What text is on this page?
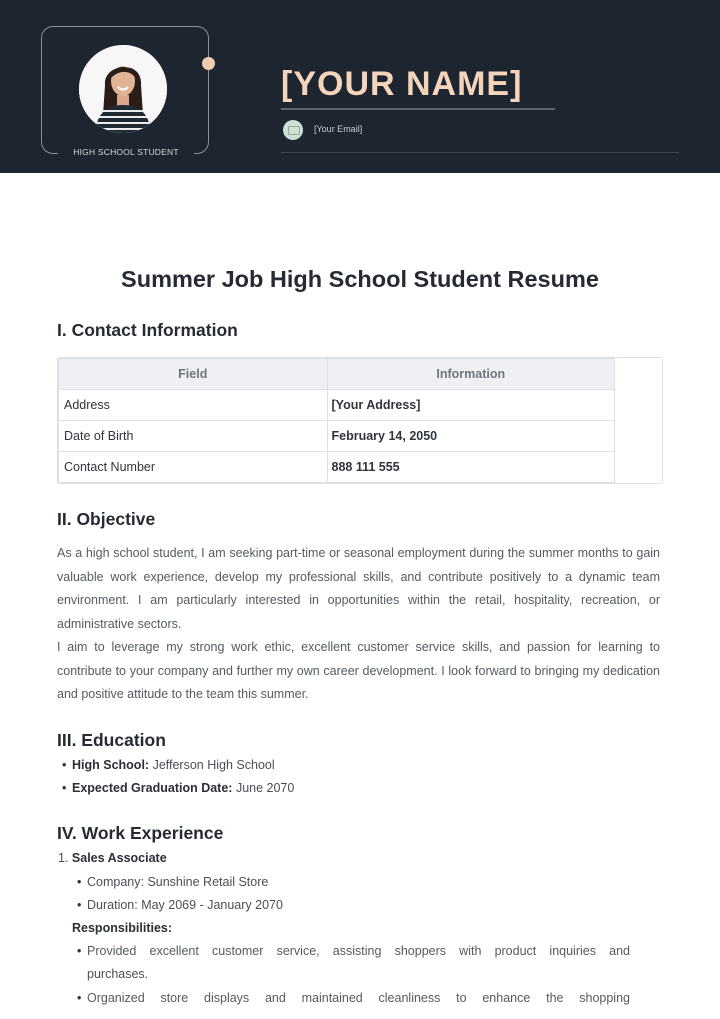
HIGH SCHOOL STUDENT
[YOUR NAME]
[Your Email]
Summer Job High School Student Resume
I. Contact Information
Field	Information
Address	[Your Address]
Date of Birth	February 14, 2050
Contact Number	888 111 555
II. Objective
As a high school student, I am seeking part-time or seasonal employment during the summer months to gain valuable work experience, develop my professional skills, and contribute positively to a dynamic team environment. I am particularly interested in opportunities within the retail, hospitality, recreation, or administrative sectors.
I aim to leverage my strong work ethic, excellent customer service skills, and passion for learning to contribute to your company and further my own career development. I look forward to bringing my dedication and positive attitude to the team this summer.
III. Education
• High School: Jefferson High School
• Expected Graduation Date: June 2070
IV. Work Experience
1. Sales Associate
• Company: Sunshine Retail Store
• Duration: May 2069 - January 2070
Responsibilities:
• Provided excellent customer service, assisting shoppers with product inquiries and
purchases.
• Organized store displays and maintained cleanliness to enhance the shopping
